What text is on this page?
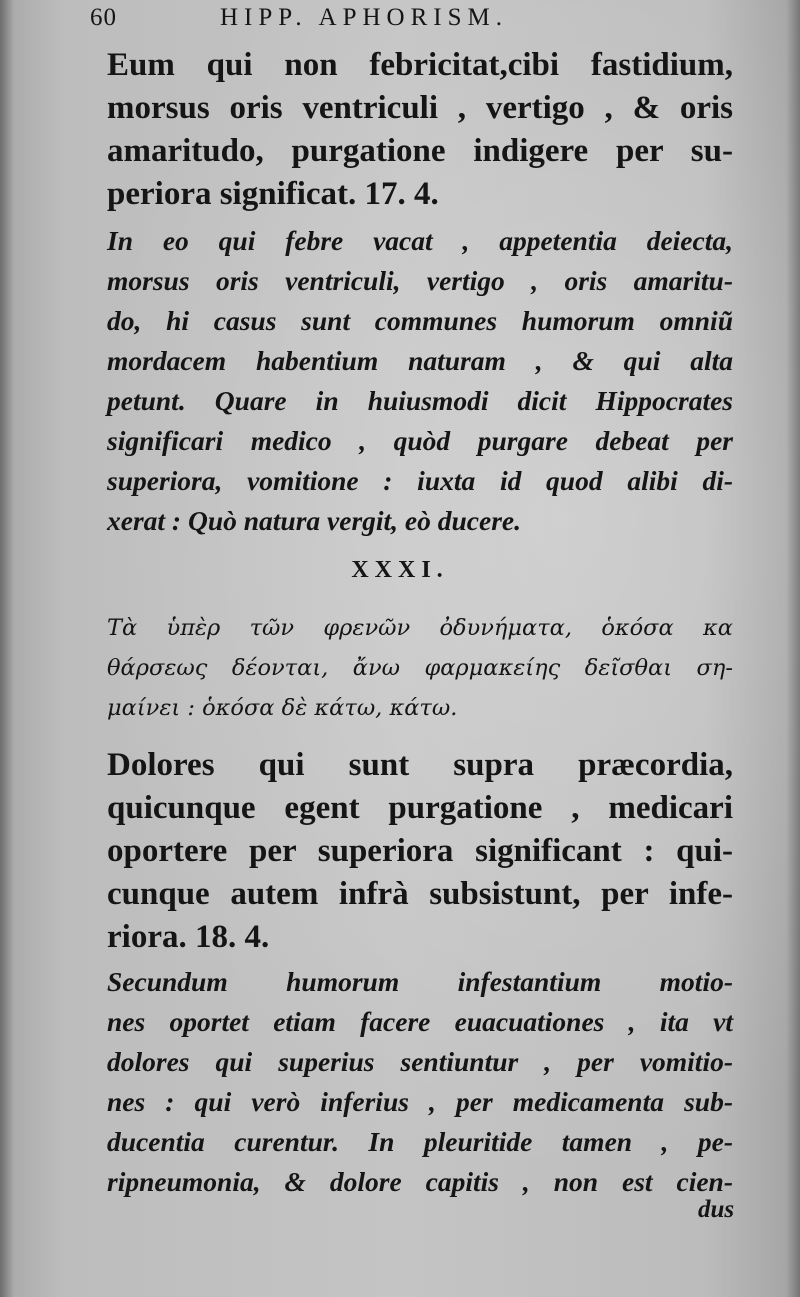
60	HIPP. APHORISM.
Eum qui non febricitat,cibi fastidium,
morsus oris ventriculi , vertigo , & oris
amaritudo, purgatione indigere per su-
periora significat. 17. 4.
In eo qui febre vacat , appetentia deiecta,
morsus oris ventriculi, vertigo , oris amaritu-
do, hi casus sunt communes humorum omniũ
mordacem habentium naturam , & qui alta
petunt. Quare in huiusmodi dicit Hippocrates
significari medico , quòd purgare debeat per
superiora, vomitione : iuxta id quod alibi di-
xerat : Quò natura vergit, eò ducere.
XXXI.
Τὰ ὑπὲρ τῶν φρενῶν ὀδυνήματα, ὁκόσα κα
θάρσεως δέονται, ἄνω φαρμακείης δεῖσθαι ση-
μαίνει : ὁκόσα δὲ κάτω, κάτω.
Dolores qui sunt supra præcordia,
quicunque egent purgatione , medicari
oportere per superiora significant : qui-
cunque autem infrà subsistunt, per infe-
riora. 18. 4.
Secundum humorum infestantium motio-
nes oportet etiam facere euacuationes , ita vt
dolores qui superius sentiuntur , per vomitio-
nes : qui verò inferius , per medicamenta sub-
ducentia curentur. In pleuritide tamen , pe-
ripneumonia, & dolore capitis , non est cien-
dus
